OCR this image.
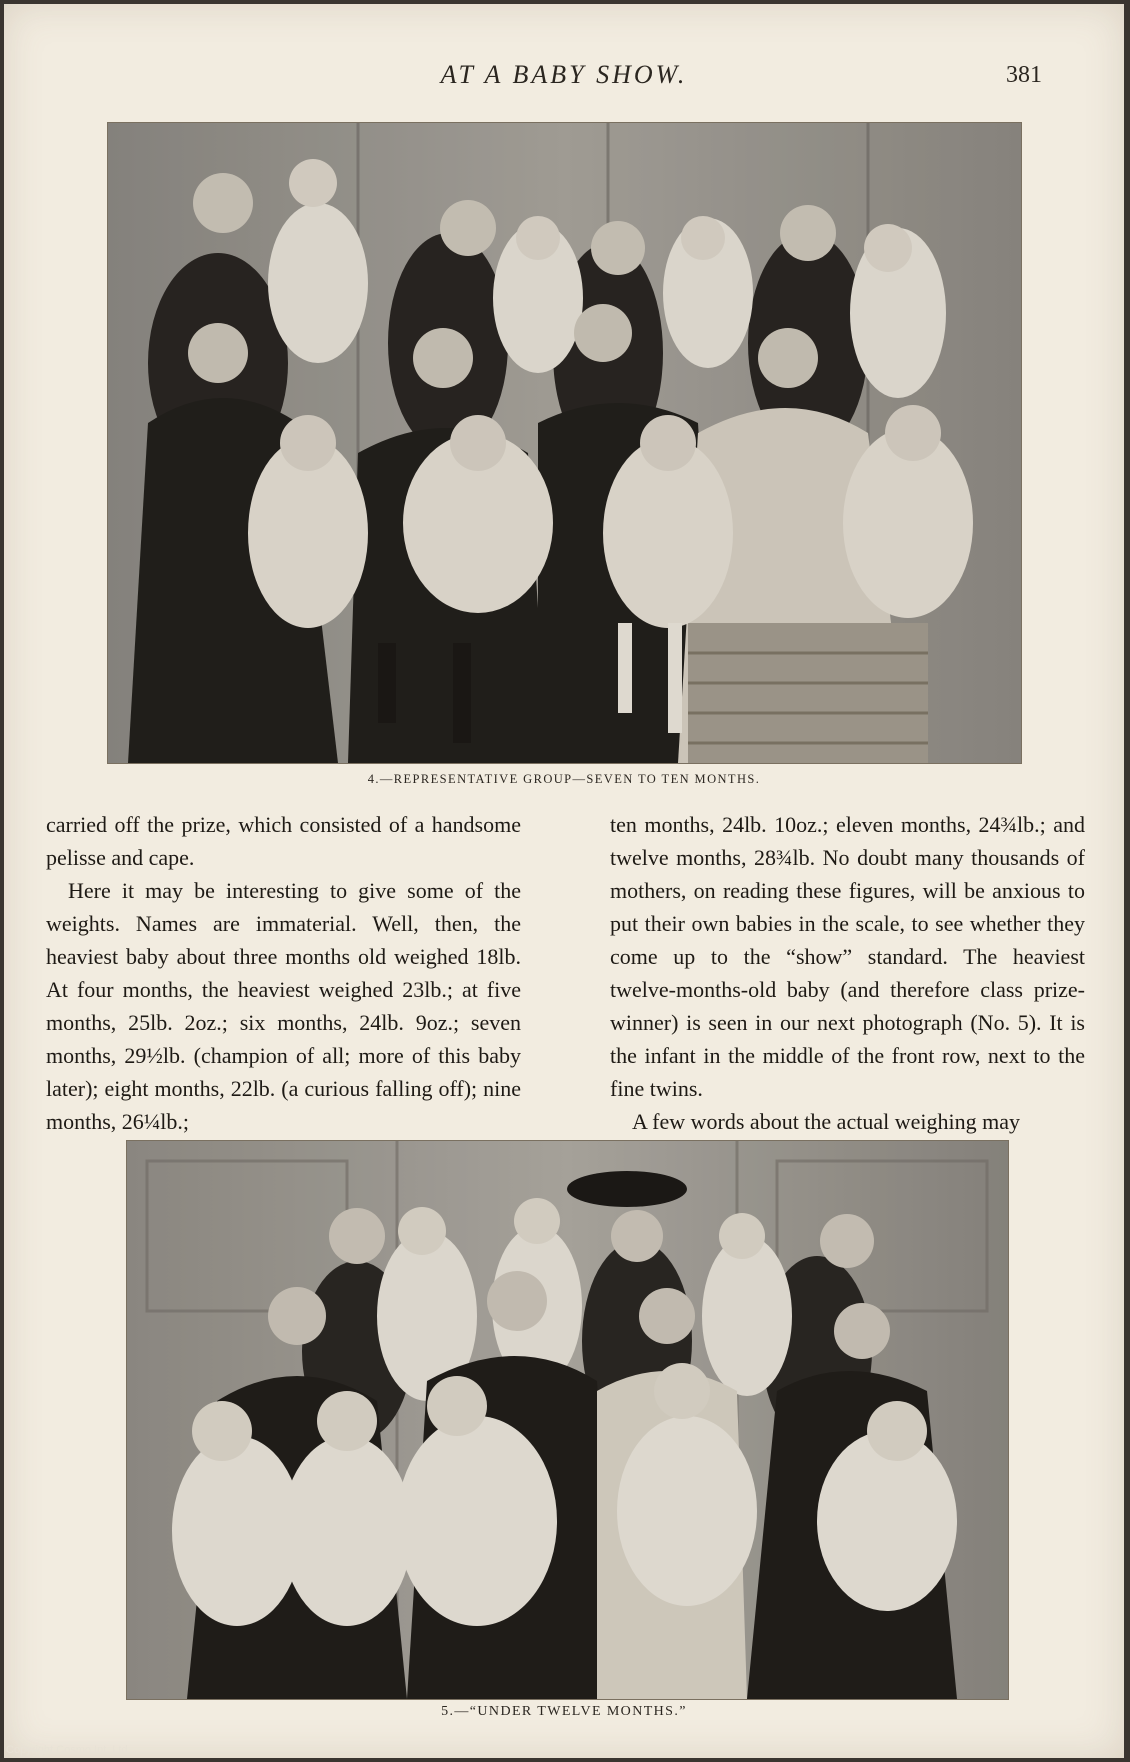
AT A BABY SHOW.	381
4.—REPRESENTATIVE GROUP—SEVEN TO TEN MONTHS.

carried off the prize, which consisted of a handsome pelisse and cape.

Here it may be interesting to give some of the weights. Names are immaterial. Well, then, the heaviest baby about three months old weighed 18lb. At four months, the heaviest weighed 23lb.; at five months, 25lb. 2oz.; six months, 24lb. 9oz.; seven months, 29½lb. (champion of all; more of this baby later); eight months, 22lb. (a curious falling off); nine months, 26¼lb.;

ten months, 24lb. 10oz.; eleven months, 24¾lb.; and twelve months, 28¾lb. No doubt many thousands of mothers, on reading these figures, will be anxious to put their own babies in the scale, to see whether they come up to the “show” standard. The heaviest twelve-months-old baby (and therefore class prize-winner) is seen in our next photograph (No. 5). It is the infant in the middle of the front row, next to the fine twins.

A few words about the actual weighing may

5.—“UNDER TWELVE MONTHS.”
Copyright Cosmo Int. Ltd
